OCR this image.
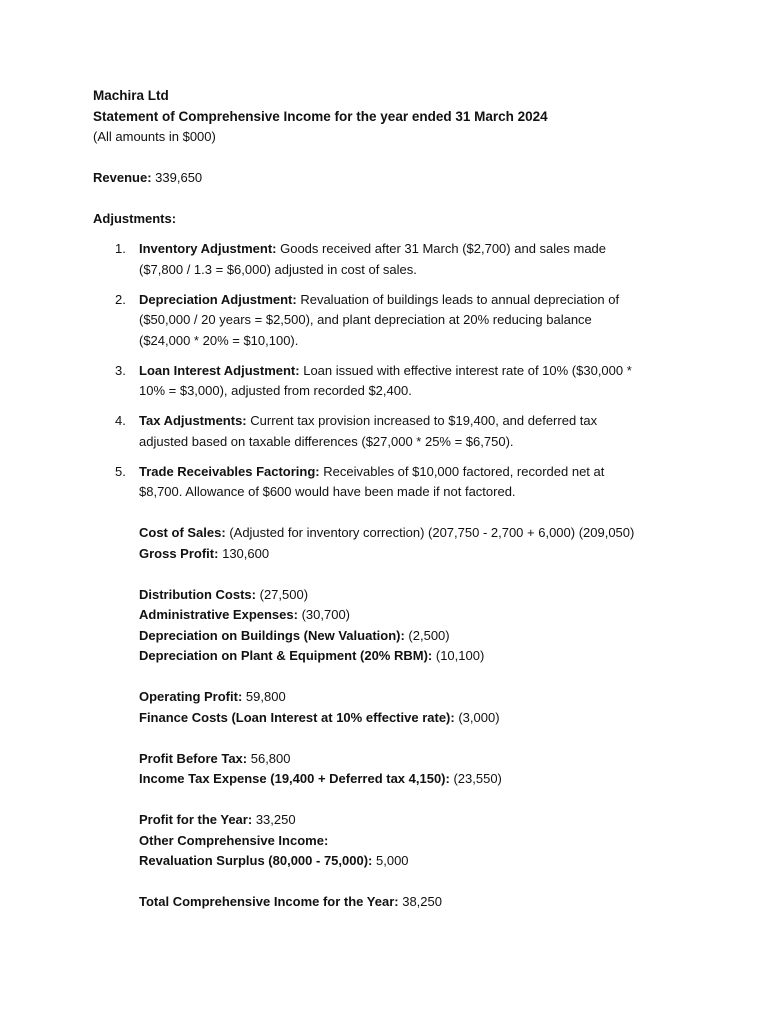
Machira Ltd
Statement of Comprehensive Income for the year ended 31 March 2024
(All amounts in $000)
Revenue: 339,650
Adjustments:
1. Inventory Adjustment: Goods received after 31 March ($2,700) and sales made
($7,800 / 1.3 = $6,000) adjusted in cost of sales.
2. Depreciation Adjustment: Revaluation of buildings leads to annual depreciation of
($50,000 / 20 years = $2,500), and plant depreciation at 20% reducing balance
($24,000 * 20% = $10,100).
3. Loan Interest Adjustment: Loan issued with effective interest rate of 10% ($30,000 *
10% = $3,000), adjusted from recorded $2,400.
4. Tax Adjustments: Current tax provision increased to $19,400, and deferred tax
adjusted based on taxable differences ($27,000 * 25% = $6,750).
5. Trade Receivables Factoring: Receivables of $10,000 factored, recorded net at
$8,700. Allowance of $600 would have been made if not factored.
Cost of Sales: (Adjusted for inventory correction) (207,750 - 2,700 + 6,000) (209,050)
Gross Profit: 130,600
Distribution Costs: (27,500)
Administrative Expenses: (30,700)
Depreciation on Buildings (New Valuation): (2,500)
Depreciation on Plant & Equipment (20% RBM): (10,100)
Operating Profit: 59,800
Finance Costs (Loan Interest at 10% effective rate): (3,000)
Profit Before Tax: 56,800
Income Tax Expense (19,400 + Deferred tax 4,150): (23,550)
Profit for the Year: 33,250
Other Comprehensive Income:
Revaluation Surplus (80,000 - 75,000): 5,000
Total Comprehensive Income for the Year: 38,250
